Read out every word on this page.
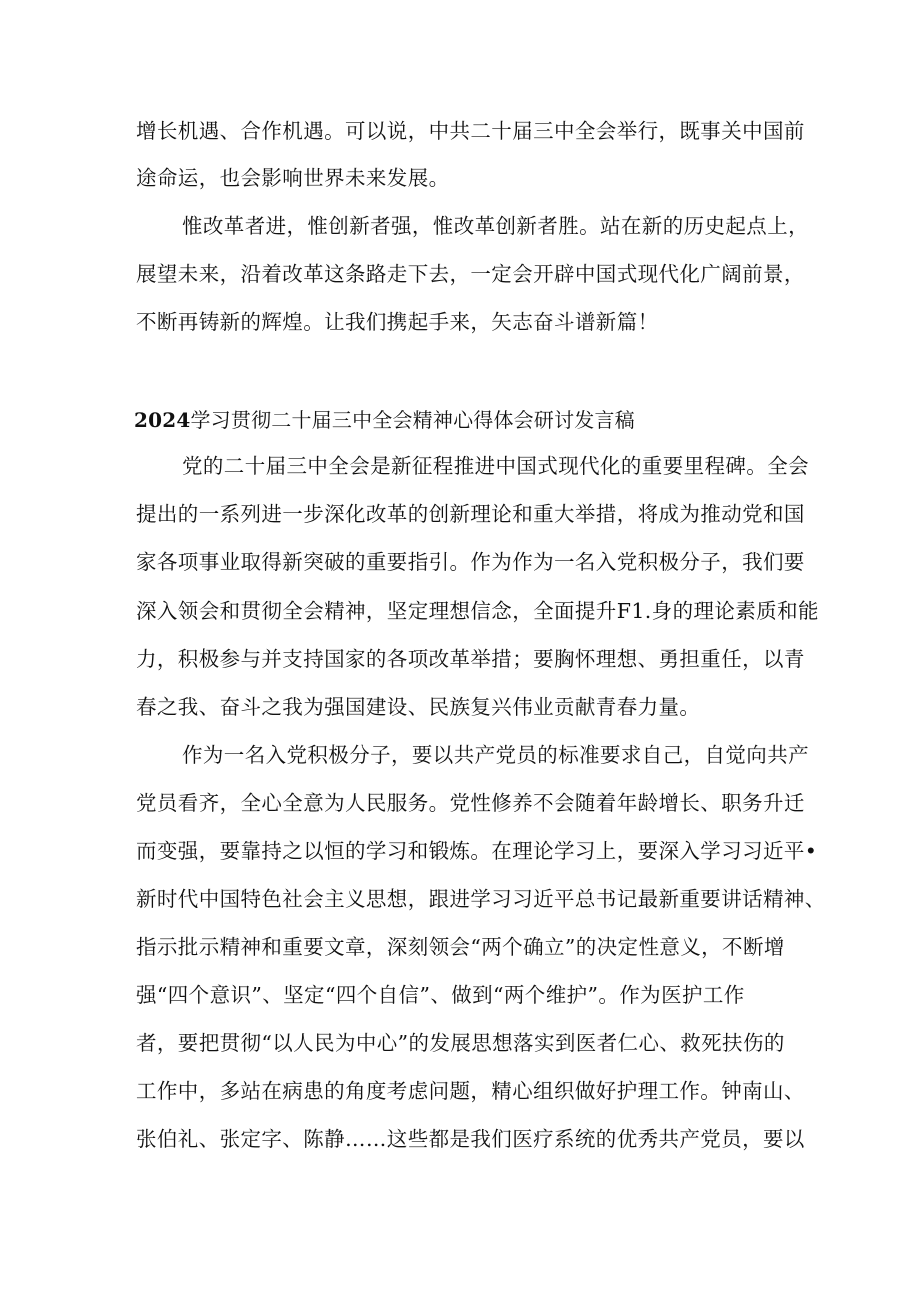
增长机遇、合作机遇。可以说，中共二十届三中全会举行，既事关中国前
途命运，也会影响世界未来发展。
惟改革者进，惟创新者强，惟改革创新者胜。站在新的历史起点上，
展望未来，沿着改革这条路走下去，一定会开辟中国式现代化广阔前景，
不断再铸新的辉煌。让我们携起手来，矢志奋斗谱新篇！
2024学习贯彻二十届三中全会精神心得体会研讨发言稿
党的二十届三中全会是新征程推进中国式现代化的重要里程碑。全会
提出的一系列进一步深化改革的创新理论和重大举措，将成为推动党和国
家各项事业取得新突破的重要指引。作为作为一名入党积极分子，我们要
深入领会和贯彻全会精神，坚定理想信念，全面提升F1.身的理论素质和能
力，积极参与并支持国家的各项改革举措；要胸怀理想、勇担重任，以青
春之我、奋斗之我为强国建设、民族复兴伟业贡献青春力量。
作为一名入党积极分子，要以共产党员的标准要求自己，自觉向共产
党员看齐，全心全意为人民服务。党性修养不会随着年龄增长、职务升迁
而变强，要靠持之以恒的学习和锻炼。在理论学习上，要深入学习习近平•
新时代中国特色社会主义思想，跟进学习习近平总书记最新重要讲话精神、
指示批示精神和重要文章，深刻领会“两个确立”的决定性意义，不断增
强“四个意识”、坚定“四个自信”、做到“两个维护”。作为医护工作
者，要把贯彻“以人民为中心”的发展思想落实到医者仁心、救死扶伤的
工作中，多站在病患的角度考虑问题，精心组织做好护理工作。钟南山、
张伯礼、张定字、陈静……这些都是我们医疗系统的优秀共产党员，要以
